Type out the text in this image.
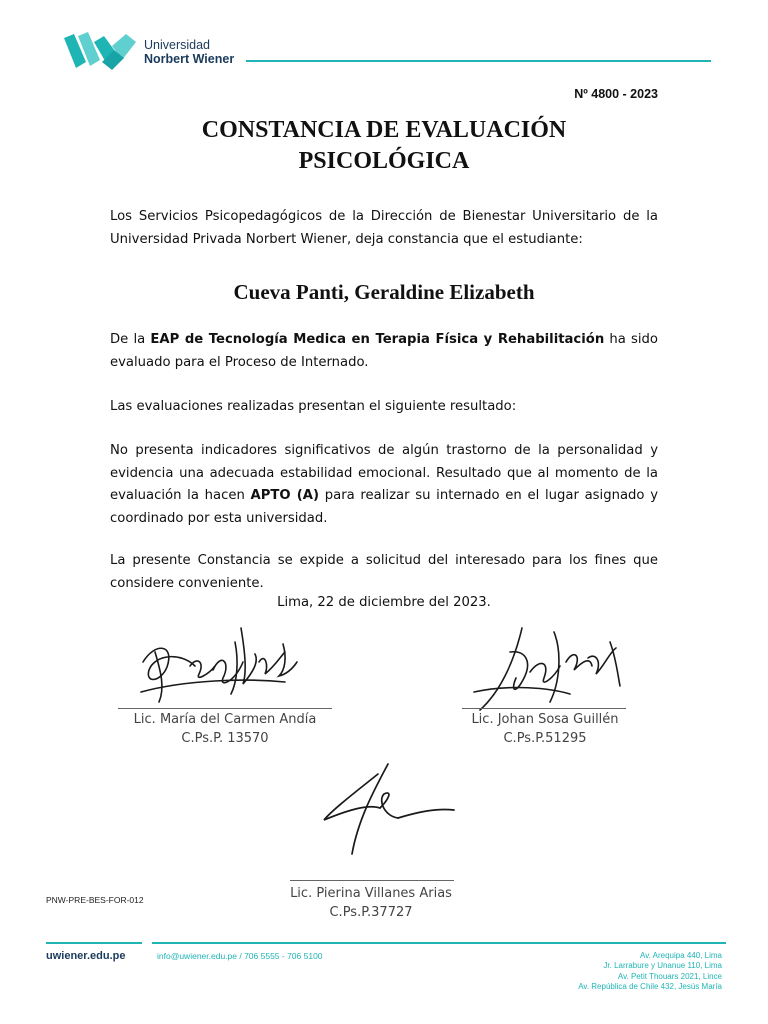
Universidad
Norbert Wiener
Nº 4800 - 2023
CONSTANCIA DE EVALUACIÓN
PSICOLÓGICA
Los Servicios Psicopedagógicos de la Dirección de Bienestar Universitario de la Universidad Privada Norbert Wiener, deja constancia que el estudiante:
Cueva Panti, Geraldine Elizabeth
De la EAP de Tecnología Medica en Terapia Física y Rehabilitación ha sido evaluado para el Proceso de Internado.
Las evaluaciones realizadas presentan el siguiente resultado:
No presenta indicadores significativos de algún trastorno de la personalidad y evidencia una adecuada estabilidad emocional. Resultado que al momento de la evaluación la hacen APTO (A) para realizar su internado en el lugar asignado y coordinado por esta universidad.
La presente Constancia se expide a solicitud del interesado para los fines que considere conveniente.
Lima, 22 de diciembre del 2023.
Lic. María del Carmen Andía
C.Ps.P. 13570
Lic. Johan Sosa Guillén
C.Ps.P.51295
Lic. Pierina Villanes Arias
C.Ps.P.37727
PNW-PRE-BES-FOR-012
uwiener.edu.pe	info@uwiener.edu.pe / 706 5555 - 706 5100	Av. Arequipa 440, Lima
Jr. Larrabure y Unanue 110, Lima
Av. Petit Thouars 2021, Lince
Av. República de Chile 432, Jesús María
